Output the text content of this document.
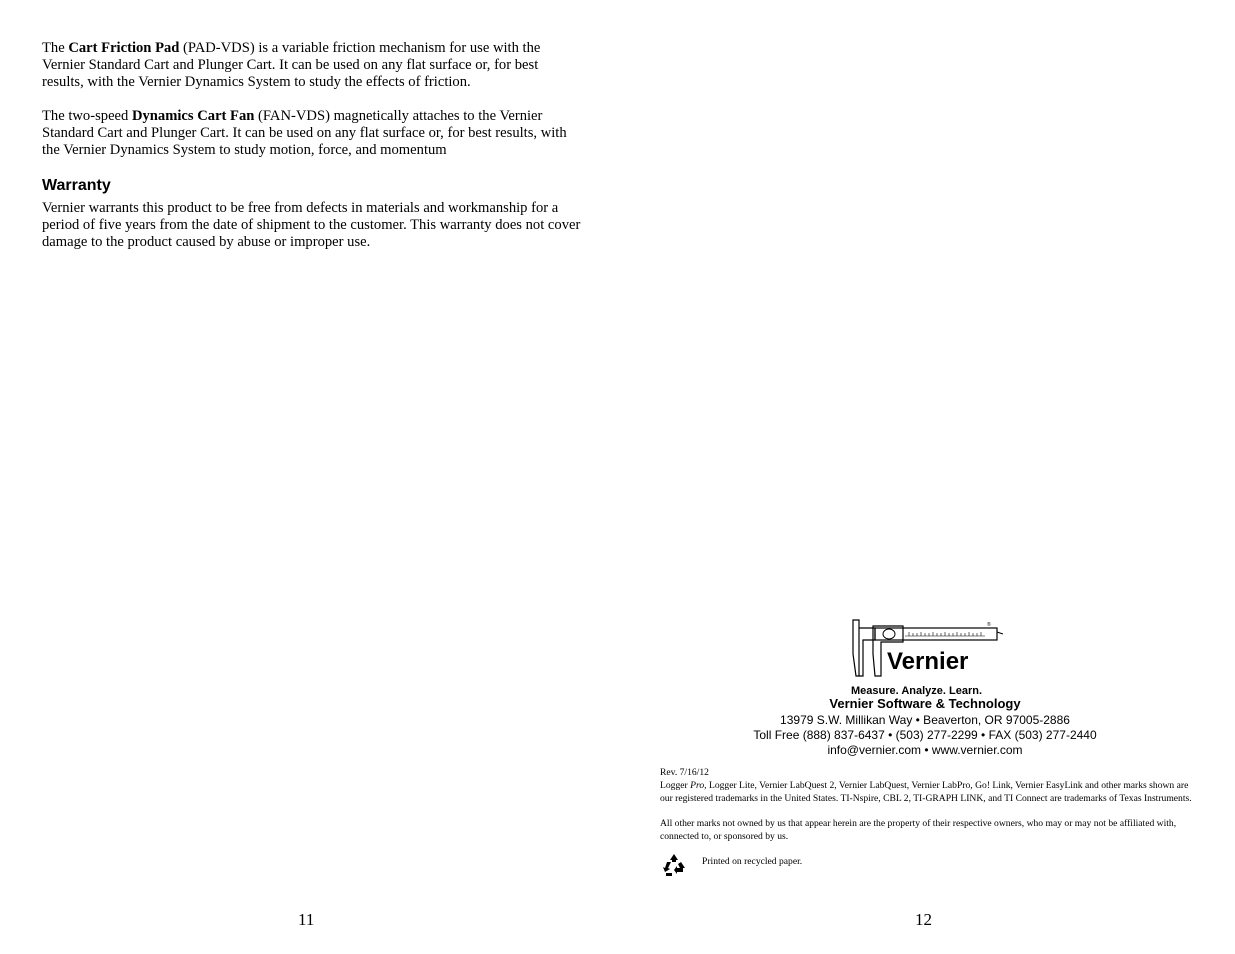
The Cart Friction Pad (PAD-VDS) is a variable friction mechanism for use with the Vernier Standard Cart and Plunger Cart. It can be used on any flat surface or, for best results, with the Vernier Dynamics System to study the effects of friction.

The two-speed Dynamics Cart Fan (FAN-VDS) magnetically attaches to the Vernier Standard Cart and Plunger Cart. It can be used on any flat surface or, for best results, with the Vernier Dynamics System to study motion, force, and momentum

Warranty

Vernier warrants this product to be free from defects in materials and workmanship for a period of five years from the date of shipment to the customer. This warranty does not cover damage to the product caused by abuse or improper use.

11
®
Vernier
Measure. Analyze. Learn.
Vernier Software & Technology
13979 S.W. Millikan Way • Beaverton, OR 97005-2886
Toll Free (888) 837-6437 • (503) 277-2299 • FAX (503) 277-2440
info@vernier.com • www.vernier.com
Rev. 7/16/12
Logger Pro, Logger Lite, Vernier LabQuest 2, Vernier LabQuest, Vernier LabPro, Go! Link, Vernier EasyLink and other marks shown are our registered trademarks in the United States. TI-Nspire, CBL 2, TI-GRAPH LINK, and TI Connect are trademarks of Texas Instruments.
All other marks not owned by us that appear herein are the property of their respective owners, who may or may not be affiliated with, connected to, or sponsored by us.
Printed on recycled paper.
12
